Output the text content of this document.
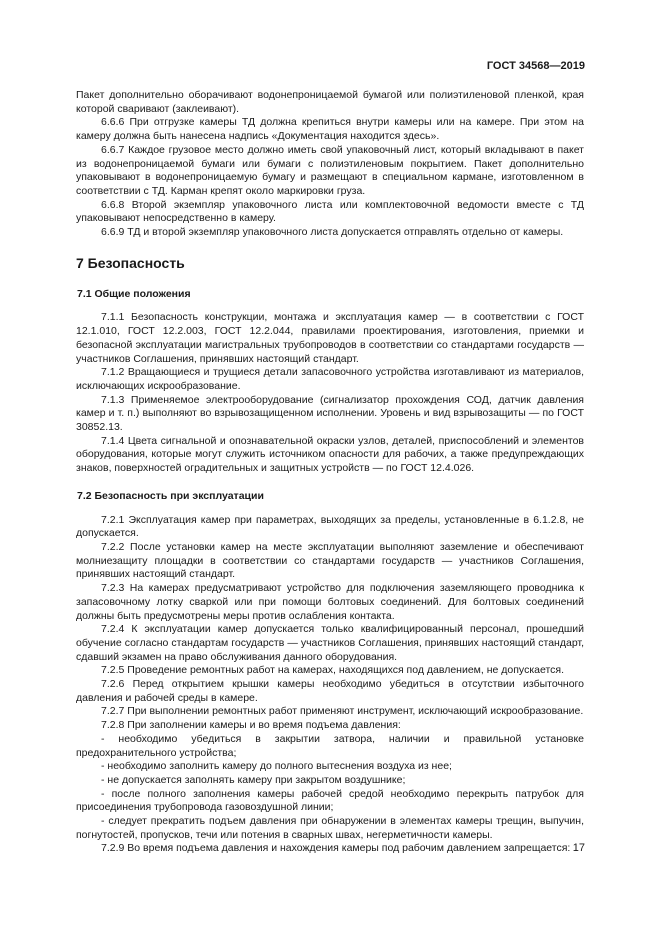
ГОСТ 34568—2019

Пакет дополнительно оборачивают водонепроницаемой бумагой или полиэтиленовой пленкой, края которой сваривают (заклеивают).

6.6.6 При отгрузке камеры ТД должна крепиться внутри камеры или на камере. При этом на камеру должна быть нанесена надпись «Документация находится здесь».

6.6.7 Каждое грузовое место должно иметь свой упаковочный лист, который вкладывают в пакет из водонепроницаемой бумаги или бумаги с полиэтиленовым покрытием. Пакет дополнительно упаковывают в водонепроницаемую бумагу и размещают в специальном кармане, изготовленном в соответствии с ТД. Карман крепят около маркировки груза.

6.6.8 Второй экземпляр упаковочного листа или комплектовочной ведомости вместе с ТД упаковывают непосредственно в камеру.

6.6.9 ТД и второй экземпляр упаковочного листа допускается отправлять отдельно от камеры.

7 Безопасность
7.1 Общие положения

7.1.1 Безопасность конструкции, монтажа и эксплуатация камер — в соответствии с ГОСТ 12.1.010, ГОСТ 12.2.003, ГОСТ 12.2.044, правилами проектирования, изготовления, приемки и безопасной эксплуатации магистральных трубопроводов в соответствии со стандартами государств — участников Соглашения, принявших настоящий стандарт.

7.1.2 Вращающиеся и трущиеся детали запасовочного устройства изготавливают из материалов, исключающих искрообразование.

7.1.3 Применяемое электрооборудование (сигнализатор прохождения СОД, датчик давления камер и т. п.) выполняют во взрывозащищенном исполнении. Уровень и вид взрывозащиты — по ГОСТ 30852.13.

7.1.4 Цвета сигнальной и опознавательной окраски узлов, деталей, приспособлений и элементов оборудования, которые могут служить источником опасности для рабочих, а также предупреждающих знаков, поверхностей оградительных и защитных устройств — по ГОСТ 12.4.026.

7.2 Безопасность при эксплуатации

7.2.1 Эксплуатация камер при параметрах, выходящих за пределы, установленные в 6.1.2.8, не допускается.

7.2.2 После установки камер на месте эксплуатации выполняют заземление и обеспечивают молниезащиту площадки в соответствии со стандартами государств — участников Соглашения, принявших настоящий стандарт.

7.2.3 На камерах предусматривают устройство для подключения заземляющего проводника к запасовочному лотку сваркой или при помощи болтовых соединений. Для болтовых соединений должны быть предусмотрены меры против ослабления контакта.

7.2.4 К эксплуатации камер допускается только квалифицированный персонал, прошедший обучение согласно стандартам государств — участников Соглашения, принявших настоящий стандарт, сдавший экзамен на право обслуживания данного оборудования.

7.2.5 Проведение ремонтных работ на камерах, находящихся под давлением, не допускается.

7.2.6 Перед открытием крышки камеры необходимо убедиться в отсутствии избыточного давления и рабочей среды в камере.

7.2.7 При выполнении ремонтных работ применяют инструмент, исключающий искрообразование.

7.2.8 При заполнении камеры и во время подъема давления:

- необходимо убедиться в закрытии затвора, наличии и правильной установке предохранительного устройства;

- необходимо заполнить камеру до полного вытеснения воздуха из нее;

- не допускается заполнять камеру при закрытом воздушнике;

- после полного заполнения камеры рабочей средой необходимо перекрыть патрубок для присоединения трубопровода газовоздушной линии;

- следует прекратить подъем давления при обнаружении в элементах камеры трещин, выпучин, погнутостей, пропусков, течи или потения в сварных швах, негерметичности камеры.

7.2.9 Во время подъема давления и нахождения камеры под рабочим давлением запрещается: 17
